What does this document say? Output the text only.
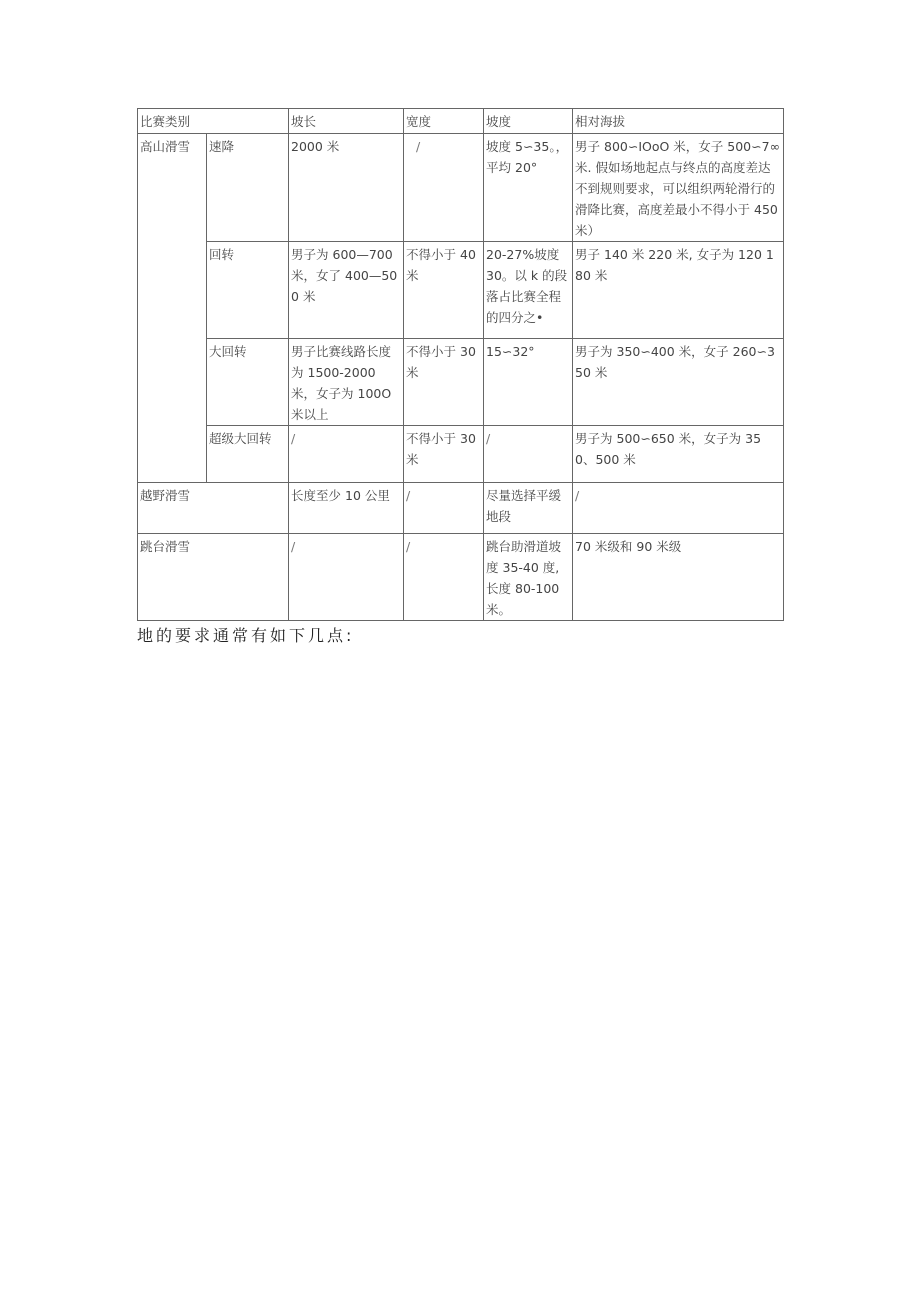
比赛类别		坡长	宽度	坡度	相对海拔
高山滑雪	速降	2000 米	/	坡度 5∽35。，平均 20°	男子 800∽IOoO 米，女子 500∽7∞米. 假如场地起点与终点的高度差达不到规则要求，可以组织两轮滑行的滑降比赛，高度差最小不得小于 450 米）
	回转	男子为 600—700 米，女了 400—500 米	不得小于 40 米	20-27%坡度 30。以 k 的段落占比赛全程的四分之•	男子 140 米 220 米, 女子为 120 180 米
	大回转	男子比赛线路长度为 1500-2000 米，女子为 100O 米以上	不得小于 30 米	15∽32°	男子为 350∽400 米，女子 260∽350 米
	超级大回转	/	不得小于 30 米	/	男子为 500∽650 米，女子为 350、500 米
越野滑雪		长度至少 10 公里	/	尽量选择平缓地段	/
跳台滑雪		/	/	跳台助滑道坡度 35-40 度, 长度 80-100 米。	70 米级和 90 米级
地的要求通常有如下几点:
